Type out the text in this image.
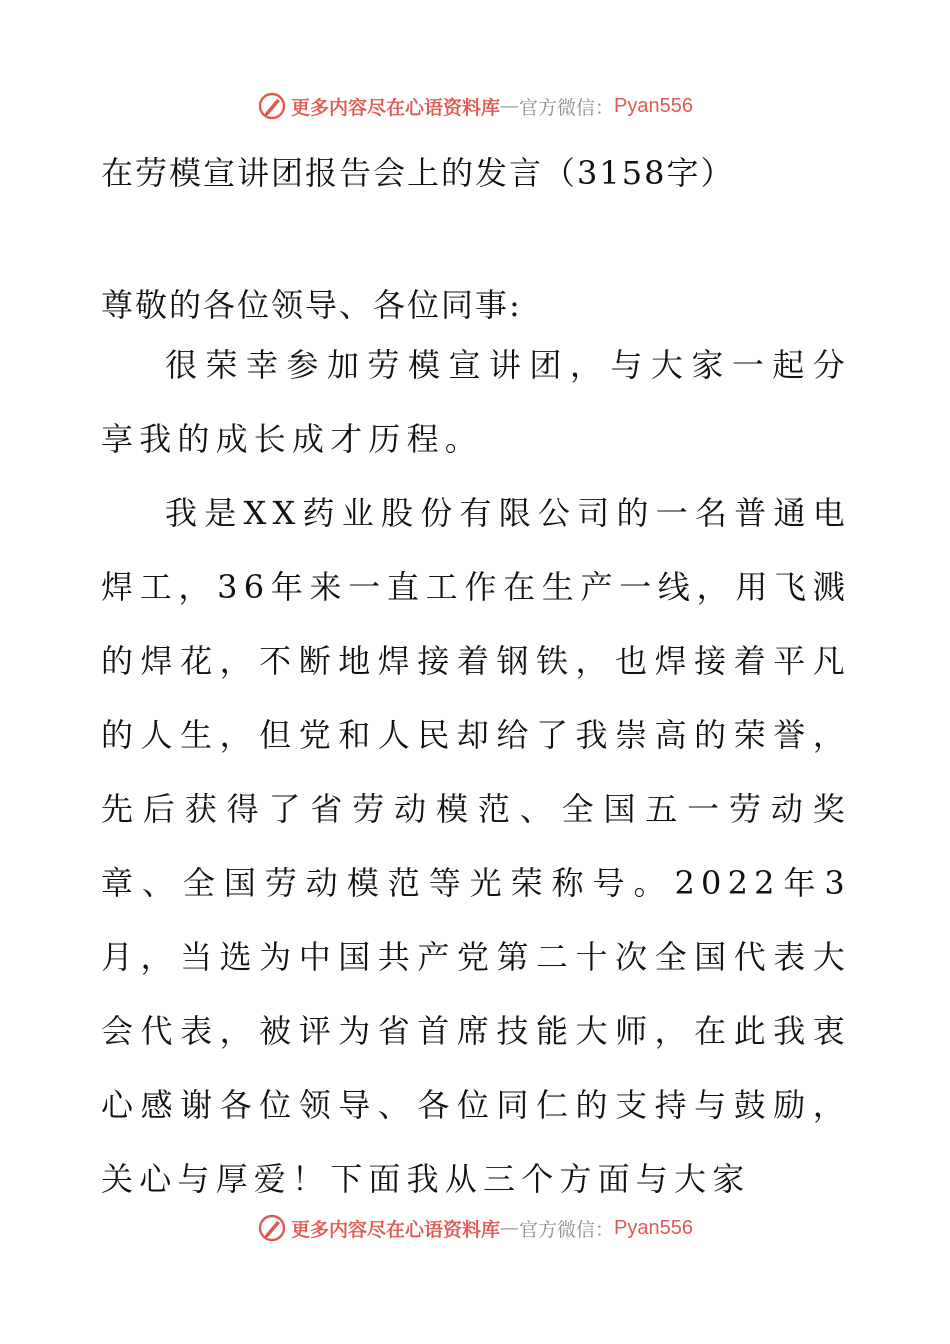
更多内容尽在心语资料库 — 官方微信： Pyan556
在劳模宣讲团报告会上的发言（3158字）
尊敬的各位领导、各位同事:

很荣幸参加劳模宣讲团，与大家一起分享我的成长成才历程。

我是XX药业股份有限公司的一名普通电焊工，36年来一直工作在生产一线，用飞溅的焊花，不断地焊接着钢铁，也焊接着平凡的人生，但党和人民却给了我崇高的荣誉，先后获得了省劳动模范、全国五一劳动奖章、全国劳动模范等光荣称号。2022年3月，当选为中国共产党第二十次全国代表大会代表，被评为省首席技能大师，在此我衷心感谢各位领导、各位同仁的支持与鼓励，关心与厚爱！下面我从三个方面与大家

更多内容尽在心语资料库 — 官方微信： Pyan556
